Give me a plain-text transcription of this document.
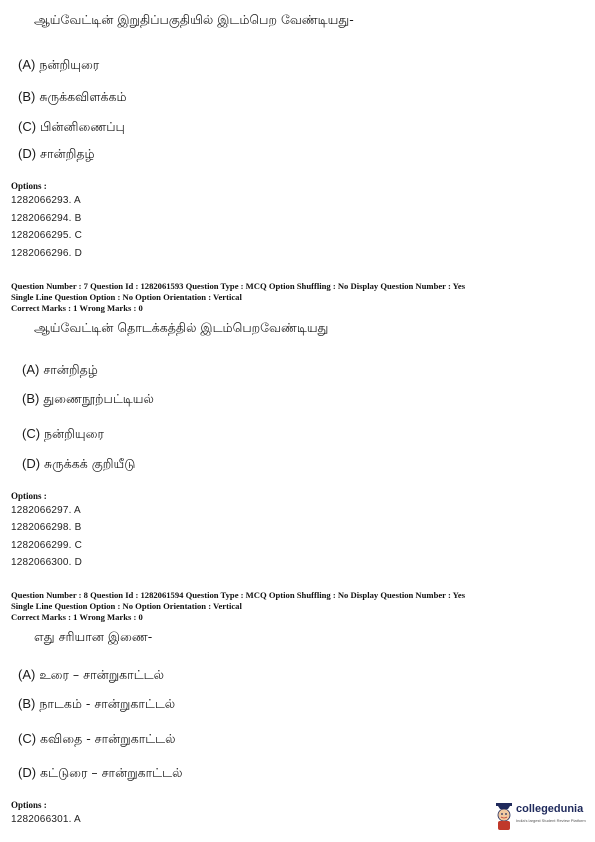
ஆய்வேட்டின் இறுதிப்பகுதியில் இடம்பெற வேண்டியது-
(A) நன்றியுரை
(B) சுருக்கவிளக்கம்
(C) பின்னிணைப்பு
(D) சான்றிதழ்
Options :
1282066293. A
1282066294. B
1282066295. C
1282066296. D
Question Number : 7 Question Id : 1282061593 Question Type : MCQ Option Shuffling : No Display Question Number : Yes
Single Line Question Option : No Option Orientation : Vertical
Correct Marks : 1 Wrong Marks : 0
ஆய்வேட்டின் தொடக்கத்தில் இடம்பெறவேண்டியது
(A) சான்றிதழ்
(B) துணைநூற்பட்டியல்
(C) நன்றியுரை
(D) சுருக்கக் குறியீடு
Options :
1282066297. A
1282066298. B
1282066299. C
1282066300. D
Question Number : 8 Question Id : 1282061594 Question Type : MCQ Option Shuffling : No Display Question Number : Yes
Single Line Question Option : No Option Orientation : Vertical
Correct Marks : 1 Wrong Marks : 0
எது சரியான இணை-
(A) உரை – சான்றுகாட்டல்
(B) நாடகம் - சான்றுகாட்டல்
(C) கவிதை - சான்றுகாட்டல்
(D) கட்டுரை – சான்றுகாட்டல்
Options :
1282066301. A
collegedunia
India's largest Student Review Platform
